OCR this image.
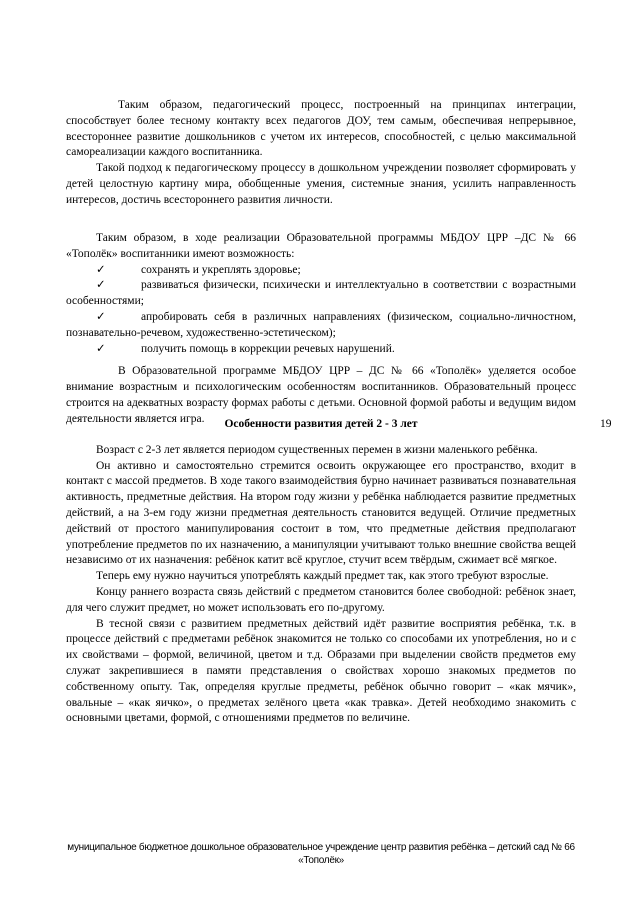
Таким образом, педагогический процесс, построенный на принципах интеграции, способствует более тесному контакту всех педагогов ДОУ, тем самым, обеспечивая непрерывное, всестороннее развитие дошкольников с учетом их интересов, способностей, с целью максимальной самореализации каждого воспитанника.

Такой подход к педагогическому процессу в дошкольном учреждении позволяет сформировать у детей целостную картину мира, обобщенные умения, системные знания, усилить направленность интересов, достичь всестороннего развития личности.

Таким образом, в ходе реализации Образовательной программы МБДОУ ЦРР –ДС № 66 «Тополёк» воспитанники имеют возможность:

✓	сохранять и укреплять здоровье;

✓	развиваться физически, психически и интеллектуально в соответствии с возрастными особенностями;

✓	апробировать себя в различных направлениях (физическом, социально-личностном, познавательно-речевом, художественно-эстетическом);

✓	получить помощь в коррекции речевых нарушений.

В Образовательной программе МБДОУ ЦРР – ДС № 66 «Тополёк» уделяется особое внимание возрастным и психологическим особенностям воспитанников. Образовательный процесс строится на адекватных возрасту формах работы с детьми. Основной формой работы и ведущим видом деятельности является игра.	19

Особенности развития детей 2 - 3 лет

Возраст с 2-3 лет является периодом существенных перемен в жизни маленького ребёнка.

Он активно и самостоятельно стремится освоить окружающее его пространство, входит в контакт с массой предметов. В ходе такого взаимодействия бурно начинает развиваться познавательная активность, предметные действия. На втором году жизни у ребёнка наблюдается развитие предметных действий, а на 3-ем году жизни предметная деятельность становится ведущей. Отличие предметных действий от простого манипулирования состоит в том, что предметные действия предполагают употребление предметов по их назначению, а манипуляции учитывают только внешние свойства вещей независимо от их назначения: ребёнок катит всё круглое, стучит всем твёрдым, сжимает всё мягкое.

Теперь ему нужно научиться употреблять каждый предмет так, как этого требуют взрослые.

Концу раннего возраста связь действий с предметом становится более свободной: ребёнок знает, для чего служит предмет, но может использовать его по-другому.

В тесной связи с развитием предметных действий идёт развитие восприятия ребёнка, т.к. в процессе действий с предметами ребёнок знакомится не только со способами их употребления, но и с их свойствами – формой, величиной, цветом и т.д. Образами при выделении свойств предметов ему служат закрепившиеся в памяти представления о свойствах хорошо знакомых предметов по собственному опыту. Так, определяя круглые предметы, ребёнок обычно говорит – «как мячик», овальные – «как яичко», о предметах зелёного цвета «как травка». Детей необходимо знакомить с основными цветами, формой, с отношениями предметов по величине.

муниципальное бюджетное дошкольное образовательное учреждение центр развития ребёнка – детский сад № 66
«Тополёк»
